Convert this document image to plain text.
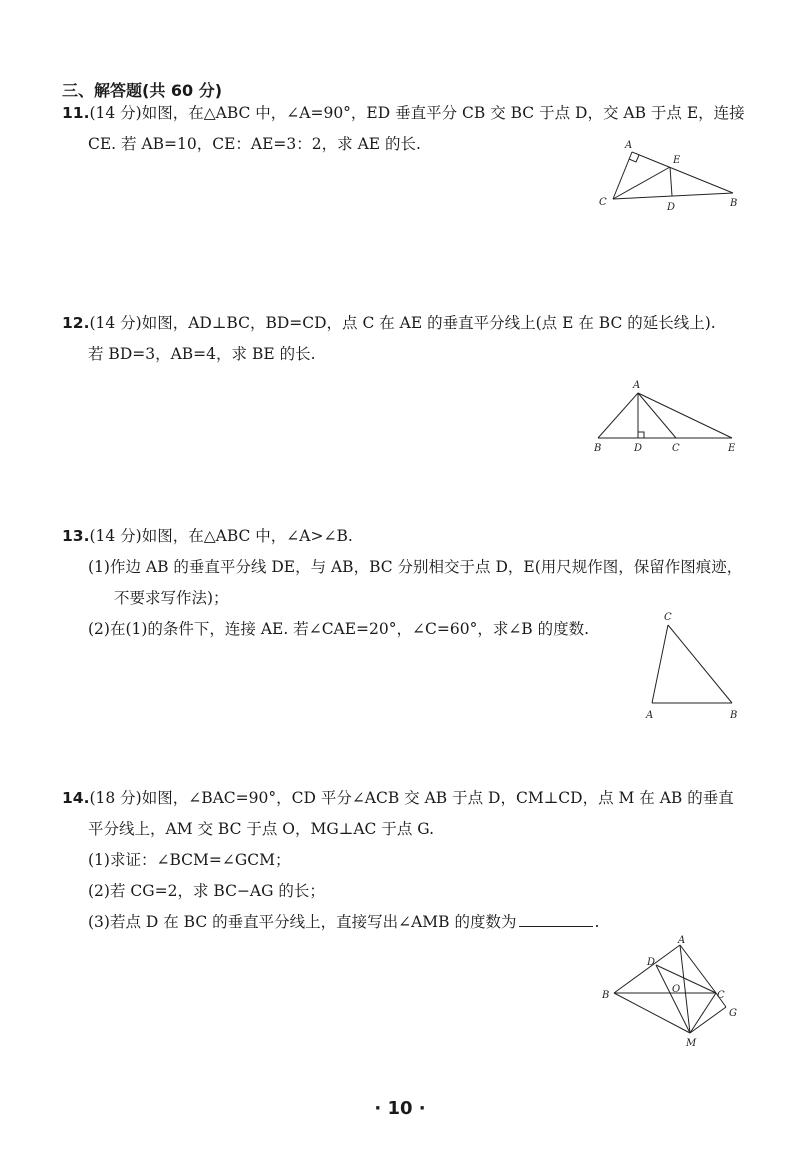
三、解答题(共 60 分)
11.(14 分)如图，在△ABC 中，∠A=90°，ED 垂直平分 CB 交 BC 于点 D，交 AB 于点 E，连接
CE. 若 AB=10，CE：AE=3：2，求 AE 的长.	A
E
C	D	B
12.(14 分)如图，AD⊥BC，BD=CD，点 C 在 AE 的垂直平分线上(点 E 在 BC 的延长线上).
若 BD=3，AB=4，求 BE 的长.
A
B	D	C	E
13.(14 分)如图，在△ABC 中，∠A>∠B.
(1)作边 AB 的垂直平分线 DE，与 AB，BC 分别相交于点 D，E(用尺规作图，保留作图痕迹，
不要求写作法)；
(2)在(1)的条件下，连接 AE. 若∠CAE=20°，∠C=60°，求∠B 的度数.
C
A	B
14.(18 分)如图，∠BAC=90°，CD 平分∠ACB 交 AB 于点 D，CM⊥CD，点 M 在 AB 的垂直
平分线上，AM 交 BC 于点 O，MG⊥AC 于点 G.
(1)求证：∠BCM=∠GCM；
(2)若 CG=2，求 BC−AG 的长；
(3)若点 D 在 BC 的垂直平分线上，直接写出∠AMB 的度数为	.
A
D
B
O
C
G
M
· 10 ·
